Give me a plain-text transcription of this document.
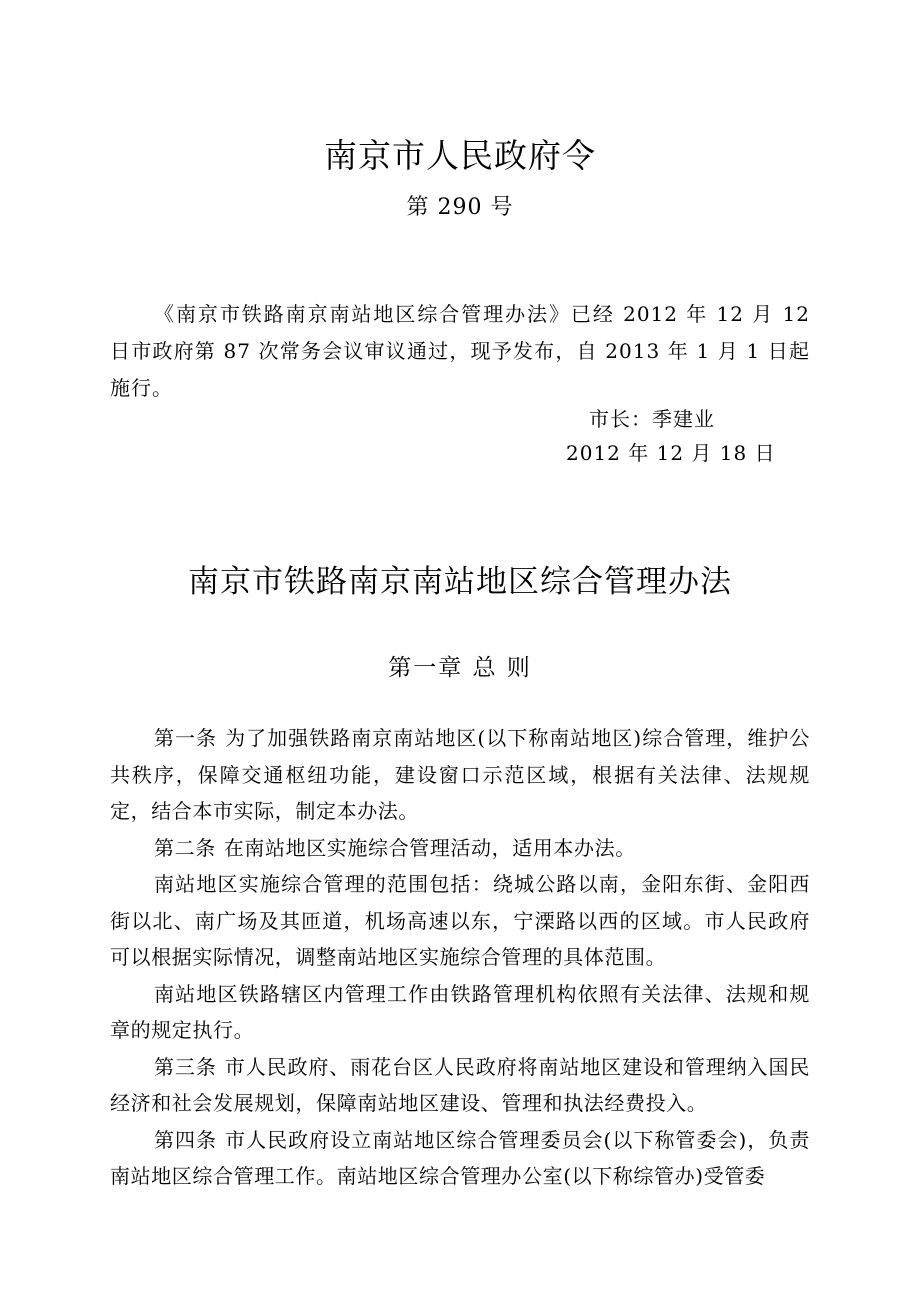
南京市人民政府令
第 290 号
《南京市铁路南京南站地区综合管理办法》已经 2012 年 12 月 12 日市政府第 87 次常务会议审议通过，现予发布，自 2013 年 1 月 1 日起施行。
市长：季建业
2012 年 12 月 18 日
南京市铁路南京南站地区综合管理办法
第一章 总 则

第一条 为了加强铁路南京南站地区(以下称南站地区)综合管理，维护公共秩序，保障交通枢纽功能，建设窗口示范区域，根据有关法律、法规规定，结合本市实际，制定本办法。

第二条 在南站地区实施综合管理活动，适用本办法。

南站地区实施综合管理的范围包括：绕城公路以南，金阳东街、金阳西街以北、南广场及其匝道，机场高速以东，宁溧路以西的区域。市人民政府可以根据实际情况，调整南站地区实施综合管理的具体范围。

南站地区铁路辖区内管理工作由铁路管理机构依照有关法律、法规和规章的规定执行。

第三条 市人民政府、雨花台区人民政府将南站地区建设和管理纳入国民经济和社会发展规划，保障南站地区建设、管理和执法经费投入。

第四条 市人民政府设立南站地区综合管理委员会(以下称管委会)，负责南站地区综合管理工作。南站地区综合管理办公室(以下称综管办)受管委
